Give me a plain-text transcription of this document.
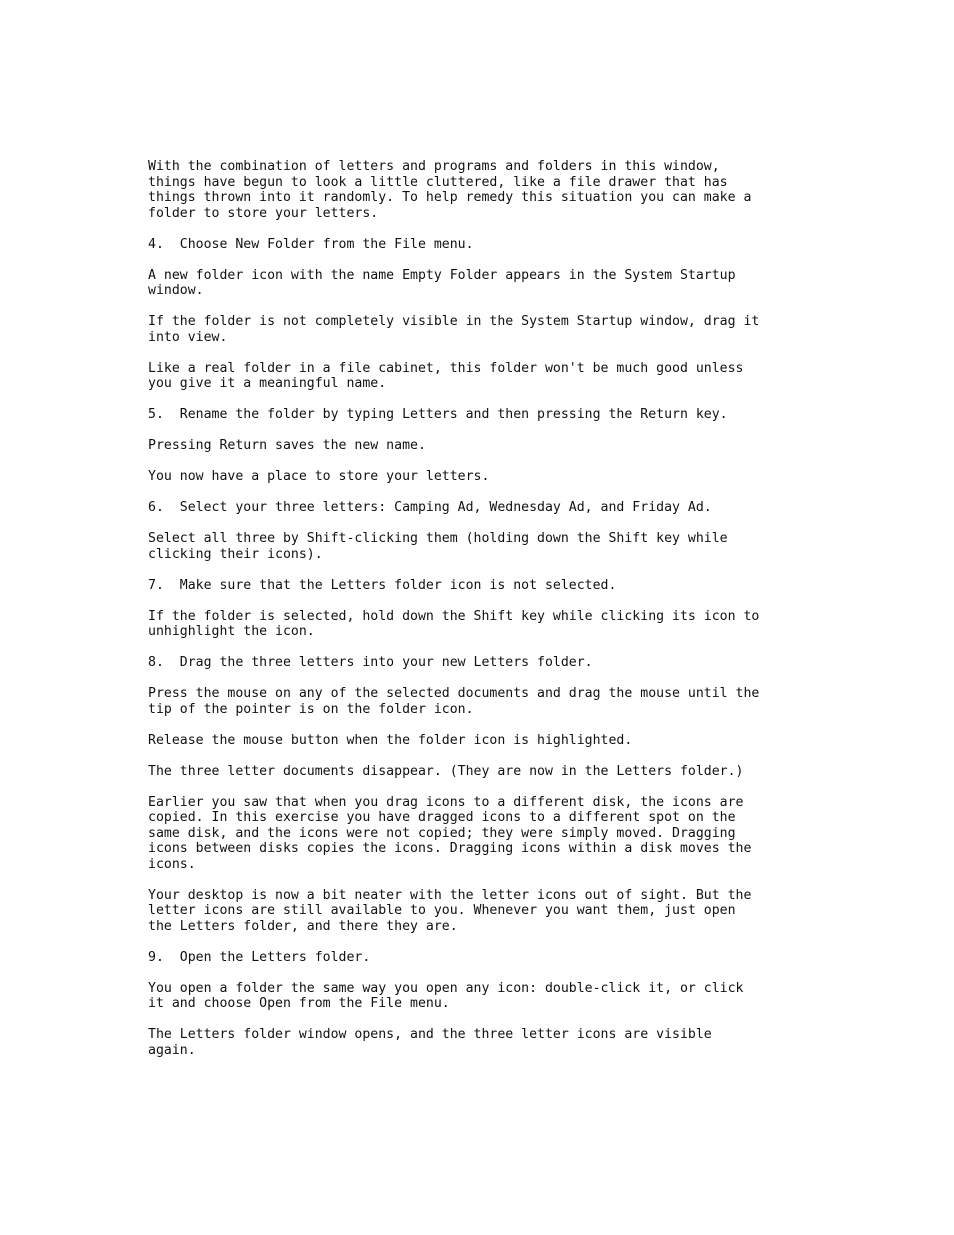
With the combination of letters and programs and folders in this window,
things have begun to look a little cluttered, like a file drawer that has
things thrown into it randomly. To help remedy this situation you can make a
folder to store your letters.
4.  Choose New Folder from the File menu.
A new folder icon with the name Empty Folder appears in the System Startup
window.
If the folder is not completely visible in the System Startup window, drag it
into view.
Like a real folder in a file cabinet, this folder won't be much good unless
you give it a meaningful name.
5.  Rename the folder by typing Letters and then pressing the Return key.
Pressing Return saves the new name.
You now have a place to store your letters.
6.  Select your three letters: Camping Ad, Wednesday Ad, and Friday Ad.
Select all three by Shift-clicking them (holding down the Shift key while
clicking their icons).
7.  Make sure that the Letters folder icon is not selected.
If the folder is selected, hold down the Shift key while clicking its icon to
unhighlight the icon.
8.  Drag the three letters into your new Letters folder.
Press the mouse on any of the selected documents and drag the mouse until the
tip of the pointer is on the folder icon.
Release the mouse button when the folder icon is highlighted.
The three letter documents disappear. (They are now in the Letters folder.)
Earlier you saw that when you drag icons to a different disk, the icons are
copied. In this exercise you have dragged icons to a different spot on the
same disk, and the icons were not copied; they were simply moved. Dragging
icons between disks copies the icons. Dragging icons within a disk moves the
icons.
Your desktop is now a bit neater with the letter icons out of sight. But the
letter icons are still available to you. Whenever you want them, just open
the Letters folder, and there they are.
9.  Open the Letters folder.
You open a folder the same way you open any icon: double-click it, or click
it and choose Open from the File menu.
The Letters folder window opens, and the three letter icons are visible
again.
